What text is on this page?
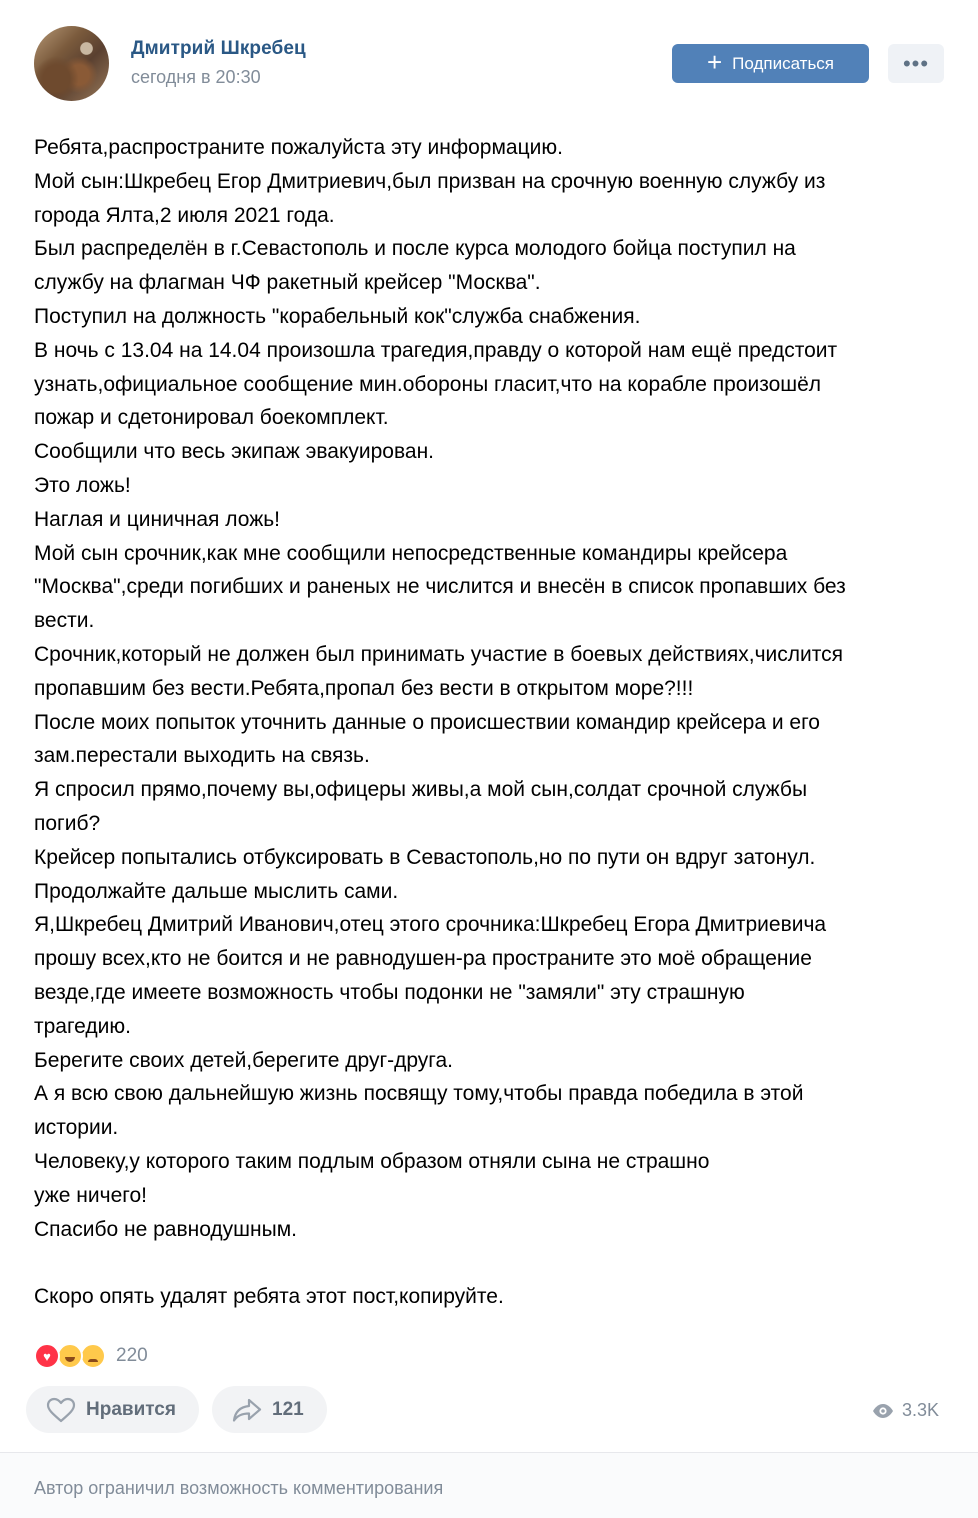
Дмитрий Шкребец
сегодня в 20:30	+ Подписаться	•••
Ребята,распространите пожалуйста эту информацию.
Мой сын:Шкребец Егор Дмитриевич,был призван на срочную военную службу из
города Ялта,2 июля 2021 года.
Был распределён в г.Севастополь и после курса молодого бойца поступил на
службу на флагман ЧФ ракетный крейсер "Москва".
Поступил на должность "корабельный кок"служба снабжения.
В ночь с 13.04 на 14.04 произошла трагедия,правду о которой нам ещё предстоит
узнать,официальное сообщение мин.обороны гласит,что на корабле произошёл
пожар и сдетонировал боекомплект.
Сообщили что весь экипаж эвакуирован.
Это ложь!
Наглая и циничная ложь!
Мой сын срочник,как мне сообщили непосредственные командиры крейсера
"Москва",среди погибших и раненых не числится и внесён в список пропавших без
вести.
Срочник,который не должен был принимать участие в боевых действиях,числится
пропавшим без вести.Ребята,пропал без вести в открытом море?!!!
После моих попыток уточнить данные о происшествии командир крейсера и его
зам.перестали выходить на связь.
Я спросил прямо,почему вы,офицеры живы,а мой сын,солдат срочной службы
погиб?
Крейсер попытались отбуксировать в Севастополь,но по пути он вдруг затонул.
Продолжайте дальше мыслить сами.
Я,Шкребец Дмитрий Иванович,отец этого срочника:Шкребец Егора Дмитриевича
прошу всех,кто не боится и не равнодушен-ра пространите это моё обращение
везде,где имеете возможность чтобы подонки не "замяли" эту страшную
трагедию.
Берегите своих детей,берегите друг-друга.
А я всю свою дальнейшую жизнь посвящу тому,чтобы правда победила в этой
истории.
Человеку,у которого таким подлым образом отняли сына не страшно
уже ничего!
Спасибо не равнодушным.
Скоро опять удалят ребята этот пост,копируйте.
♥	220
Нравится	121	3.3K
Автор ограничил возможность комментирования
